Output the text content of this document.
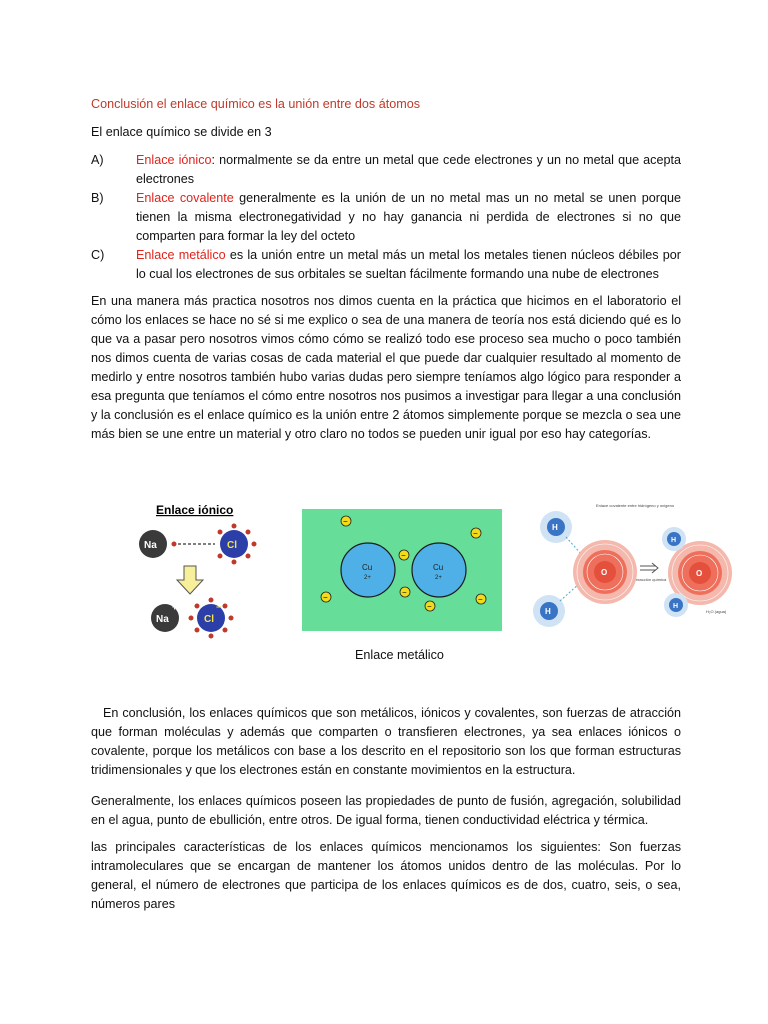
Conclusión el enlace químico es la unión entre dos átomos
El enlace químico se divide en 3
A)	Enlace iónico: normalmente se da entre un metal que cede electrones y un no metal que acepta electrones
B)	Enlace covalente generalmente es la unión de un no metal mas un no metal se unen porque tienen la misma electronegatividad y no hay ganancia ni perdida de electrones si no que comparten para formar la ley del octeto
C)	Enlace metálico es la unión entre un metal más un metal los metales tienen núcleos débiles por lo cual los electrones de sus orbitales se sueltan fácilmente formando una nube de electrones
En una manera más practica nosotros nos dimos cuenta en la práctica que hicimos en el laboratorio el cómo los enlaces se hace no sé si me explico o sea de una manera de teoría nos está diciendo qué es lo que va a pasar pero nosotros vimos cómo cómo se realizó todo ese proceso sea mucho o poco también nos dimos cuenta de varias cosas de cada material el que puede dar cualquier resultado al momento de medirlo y entre nosotros también hubo varias dudas pero siempre teníamos algo lógico para responder a esa pregunta que teníamos el cómo entre nosotros nos pusimos a investigar para llegar a una conclusión y la conclusión es el enlace químico es la unión entre 2 átomos simplemente porque se mezcla o sea une más bien se une entre un material y otro claro no todos se pueden unir igual por eso hay categorías.
Enlace iónico
Na	Cl
Na
+
Cl
−
Cu
2+
Cu
2+
−
−
−
−
−
−
−
Enlace covalente entre hidrógeno y oxígeno
H
H
O
reacción química
O
H
H
H₂O (agua)
Enlace metálico
En conclusión, los enlaces químicos que son metálicos, iónicos y covalentes, son fuerzas de atracción que forman moléculas y además que comparten o transfieren electrones, ya sea enlaces iónicos o covalente, porque los metálicos con base a los descrito en el repositorio son los que forman estructuras tridimensionales y que los electrones están en constante movimientos en la estructura.
Generalmente, los enlaces químicos poseen las propiedades de punto de fusión, agregación, solubilidad en el agua, punto de ebullición, entre otros. De igual forma, tienen conductividad eléctrica y térmica.
las principales características de los enlaces químicos mencionamos los siguientes: Son fuerzas intramoleculares que se encargan de mantener los átomos unidos dentro de las moléculas. Por lo general, el número de electrones que participa de los enlaces químicos es de dos, cuatro, seis, o sea, números pares
